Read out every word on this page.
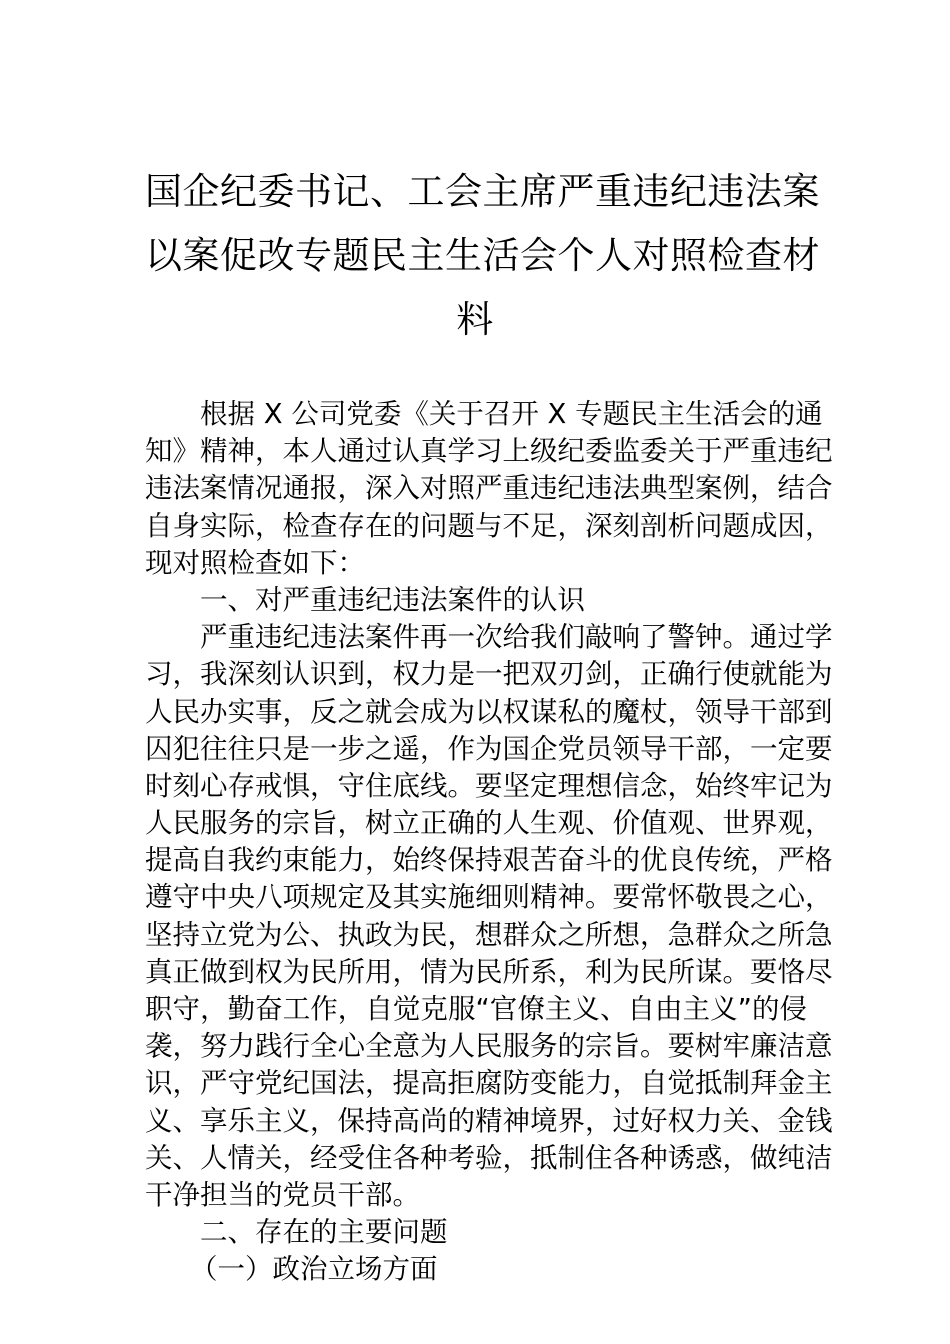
国企纪委书记、工会主席严重违纪违法案
以案促改专题民主生活会个人对照检查材
料
根据 X 公司党委《关于召开 X 专题民主生活会的通
知》精神，本人通过认真学习上级纪委监委关于严重违纪
违法案情况通报，深入对照严重违纪违法典型案例，结合
自身实际，检查存在的问题与不足，深刻剖析问题成因，
现对照检查如下：
一、对严重违纪违法案件的认识
严重违纪违法案件再一次给我们敲响了警钟。通过学
习，我深刻认识到，权力是一把双刃剑，正确行使就能为
人民办实事，反之就会成为以权谋私的魔杖，领导干部到
囚犯往往只是一步之遥，作为国企党员领导干部，一定要
时刻心存戒惧，守住底线。要坚定理想信念，始终牢记为
人民服务的宗旨，树立正确的人生观、价值观、世界观，
提高自我约束能力，始终保持艰苦奋斗的优良传统，严格
遵守中央八项规定及其实施细则精神。要常怀敬畏之心，
坚持立党为公、执政为民，想群众之所想，急群众之所急
真正做到权为民所用，情为民所系，利为民所谋。要恪尽
职守，勤奋工作，自觉克服“官僚主义、自由主义”的侵
袭，努力践行全心全意为人民服务的宗旨。要树牢廉洁意
识，严守党纪国法，提高拒腐防变能力，自觉抵制拜金主
义、享乐主义，保持高尚的精神境界，过好权力关、金钱
关、人情关，经受住各种考验，抵制住各种诱惑，做纯洁
干净担当的党员干部。
二、存在的主要问题
（一）政治立场方面
